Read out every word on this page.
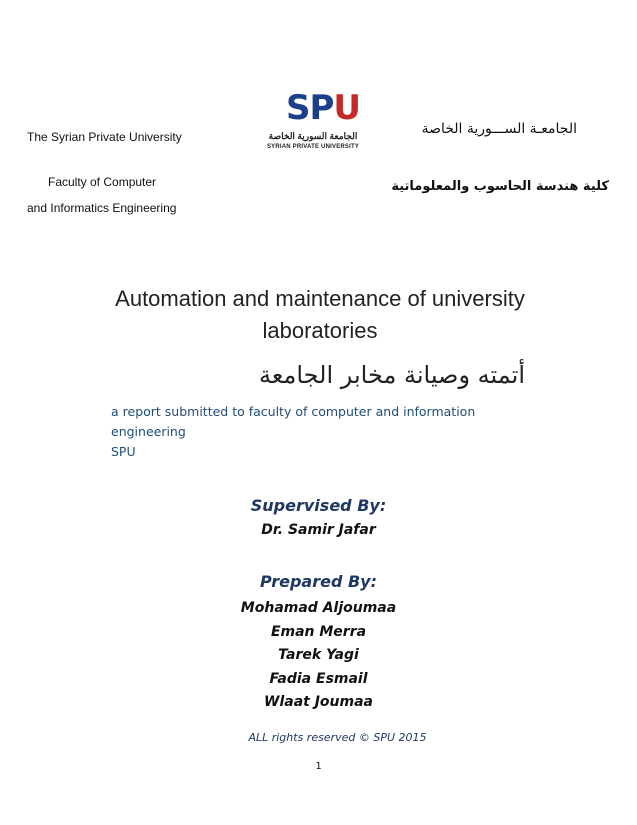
The Syrian Private University
Faculty of Computer
and Informatics Engineering
SPU
الجامعة السورية الخاصة
SYRIAN PRIVATE UNIVERSITY
الجامعـة الســـورية الخاصة
كلية هندسة الحاسوب والمعلوماتية
Automation and maintenance of university
laboratories
أتمته وصيانة مخابر الجامعة
a report submitted to faculty of computer and information engineering
SPU
Supervised By:
Dr. Samir Jafar
Prepared By:
Mohamad Aljoumaa
Eman Merra
Tarek Yagi
Fadia Esmail
Wlaat Joumaa
ALL rights reserved © SPU 2015
1
